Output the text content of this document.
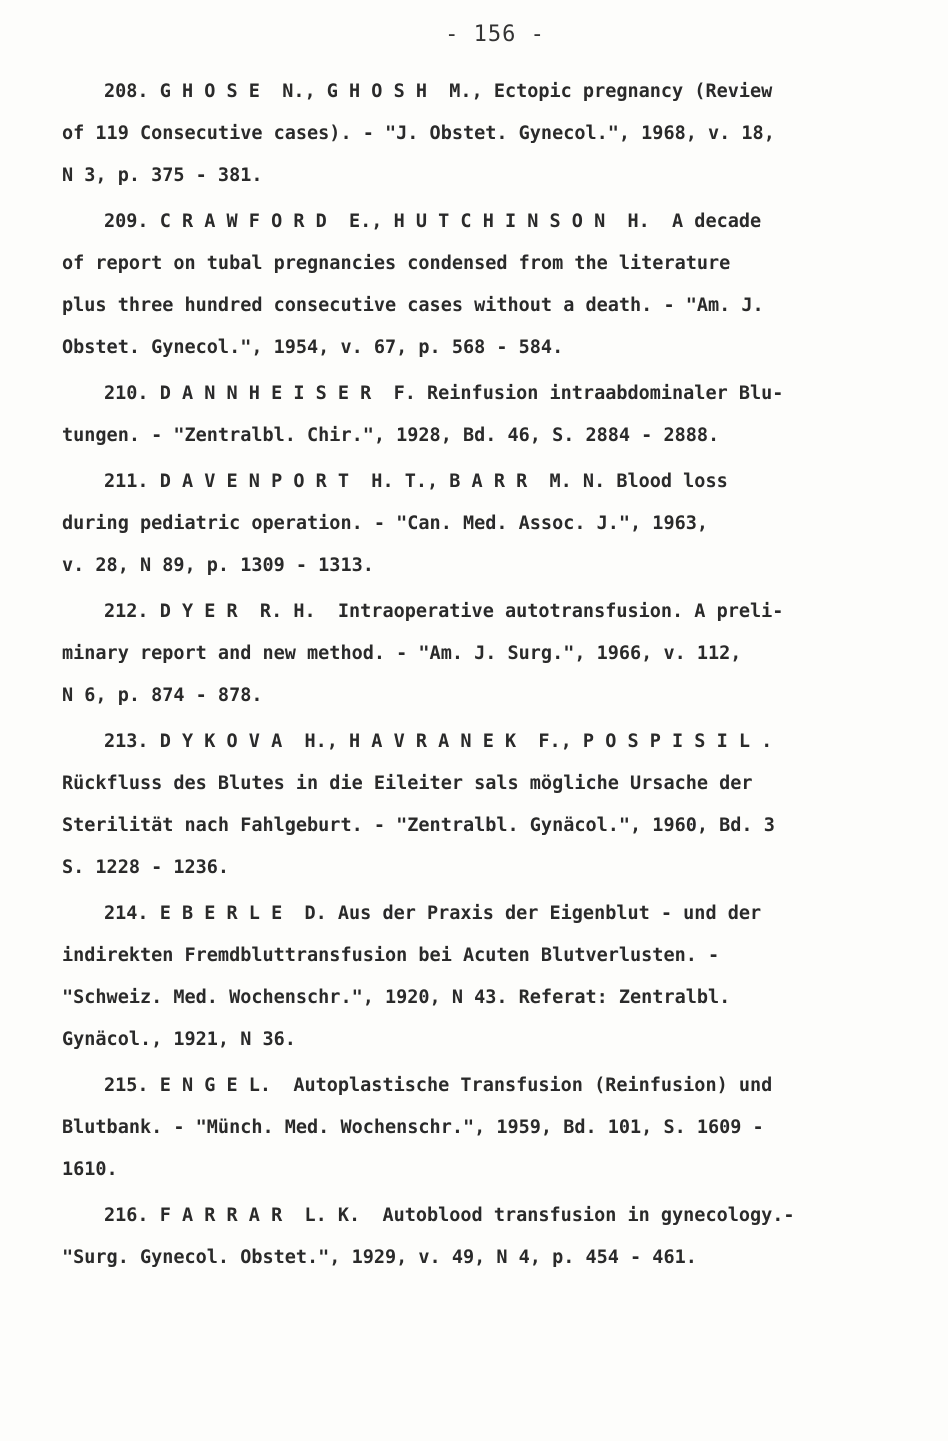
- 156 -
208. G H O S E  N., G H O S H  M., Ectopic pregnancy (Review
of 119 Consecutive cases). - "J. Obstet. Gynecol.", 1968, v. 18,
N 3, p. 375 - 381.
209. C R A W F O R D  E., H U T C H I N S O N  H.  A decade
of report on tubal pregnancies condensed from the literature
plus three hundred consecutive cases without a death. - "Am. J.
Obstet. Gynecol.", 1954, v. 67, p. 568 - 584.
210. D A N N H E I S E R  F. Reinfusion intraabdominaler Blu-
tungen. - "Zentralbl. Chir.", 1928, Bd. 46, S. 2884 - 2888.
211. D A V E N P O R T  H. T., B A R R  M. N. Blood loss
during pediatric operation. - "Can. Med. Assoc. J.", 1963,
v. 28, N 89, p. 1309 - 1313.
212. D Y E R  R. H.  Intraoperative autotransfusion. A preli-
minary report and new method. - "Am. J. Surg.", 1966, v. 112,
N 6, p. 874 - 878.
213. D Y K O V A  H., H A V R A N E K  F., P O S P I S I L .
Rückfluss des Blutes in die Eileiter sals mögliche Ursache der
Sterilität nach Fahlgeburt. - "Zentralbl. Gynäcol.", 1960, Bd. 3
S. 1228 - 1236.
214. E B E R L E  D. Aus der Praxis der Eigenblut - und der
indirekten Fremdbluttransfusion bei Acuten Blutverlusten. -
"Schweiz. Med. Wochenschr.", 1920, N 43. Referat: Zentralbl.
Gynäcol., 1921, N 36.
215. E N G E L.  Autoplastische Transfusion (Reinfusion) und
Blutbank. - "Münch. Med. Wochenschr.", 1959, Bd. 101, S. 1609 -
1610.
216. F A R R A R  L. K.  Autoblood transfusion in gynecology.-
"Surg. Gynecol. Obstet.", 1929, v. 49, N 4, p. 454 - 461.
